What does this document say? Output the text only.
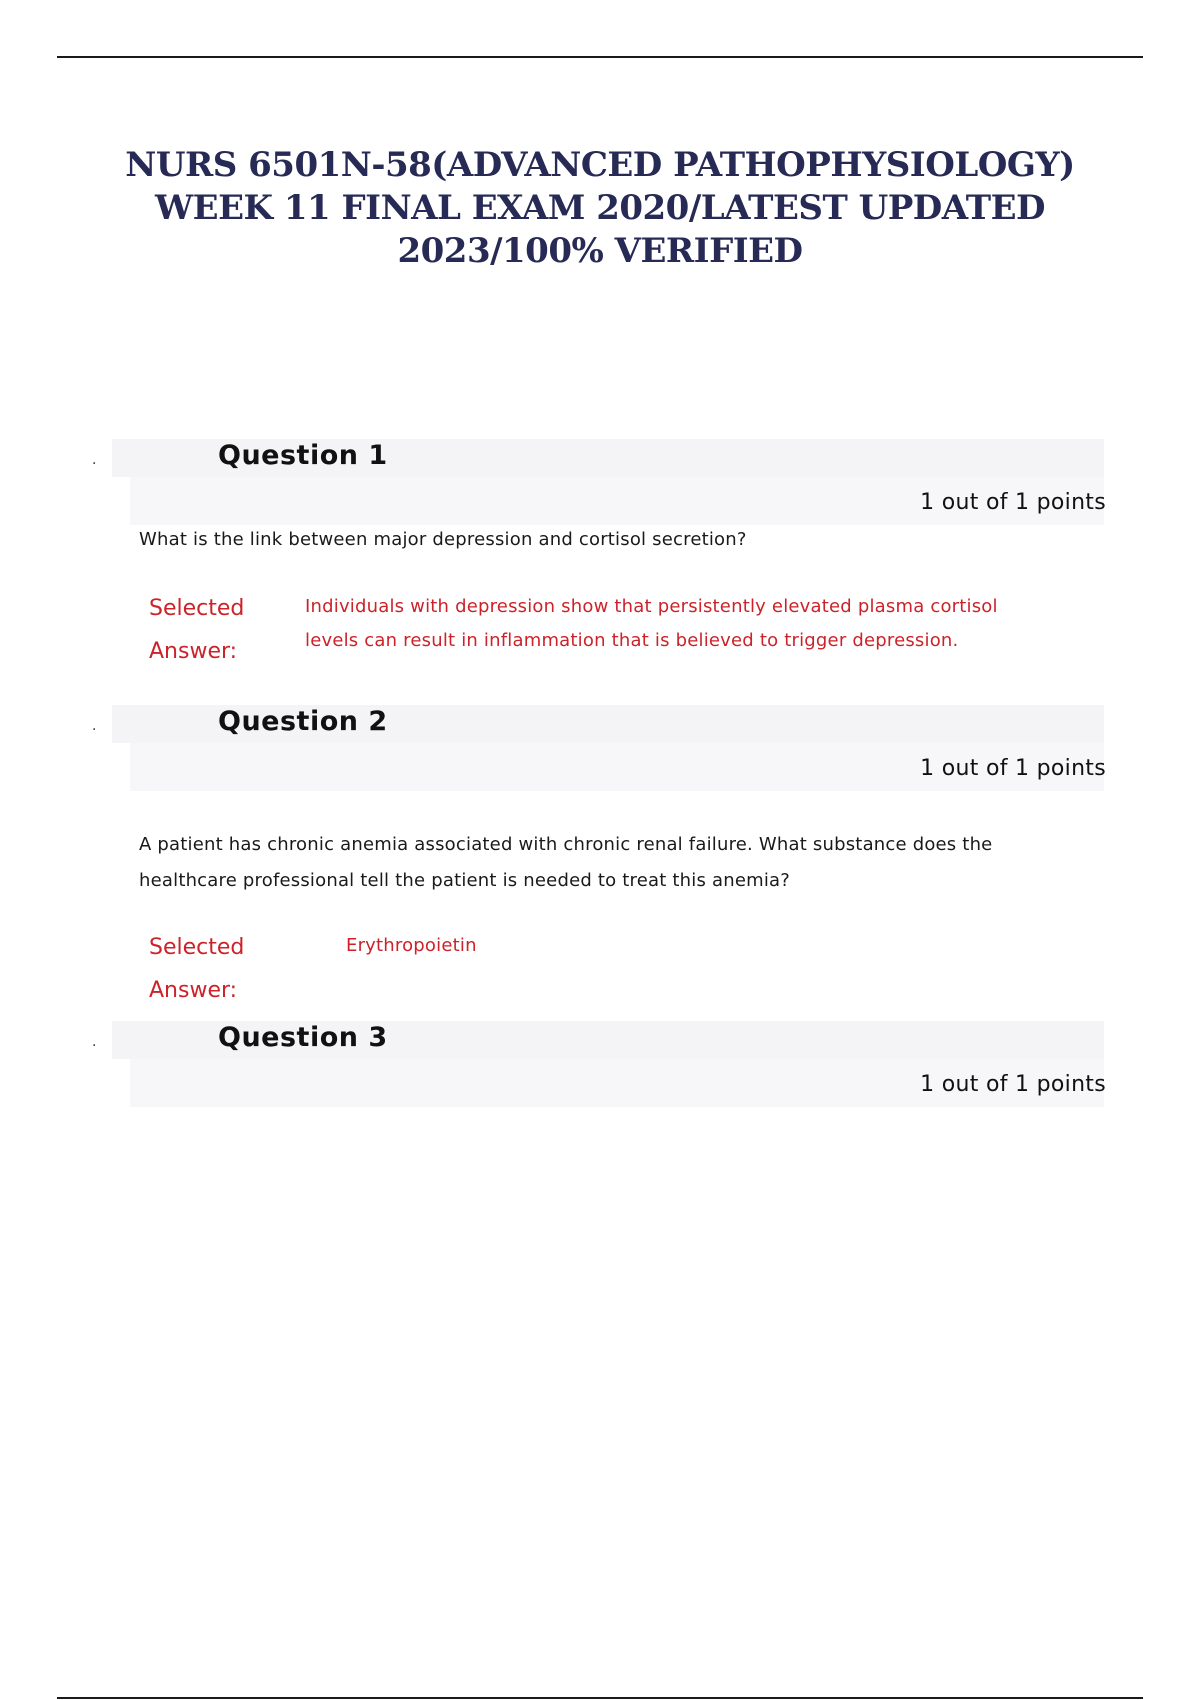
NURS 6501N-58(ADVANCED PATHOPHYSIOLOGY) WEEK 11 FINAL EXAM 2020/LATEST UPDATED 2023/100% VERIFIED
.	Question 1
1 out of 1 points

What is the link between major depression and cortisol secretion?

Selected Answer:

Individuals with depression show that persistently elevated plasma cortisol levels can result in inflammation that is believed to trigger depression.

.	Question 2
1 out of 1 points

A patient has chronic anemia associated with chronic renal failure. What substance does the healthcare professional tell the patient is needed to treat this anemia?

Selected Answer:

Erythropoietin

.	Question 3
1 out of 1 points
